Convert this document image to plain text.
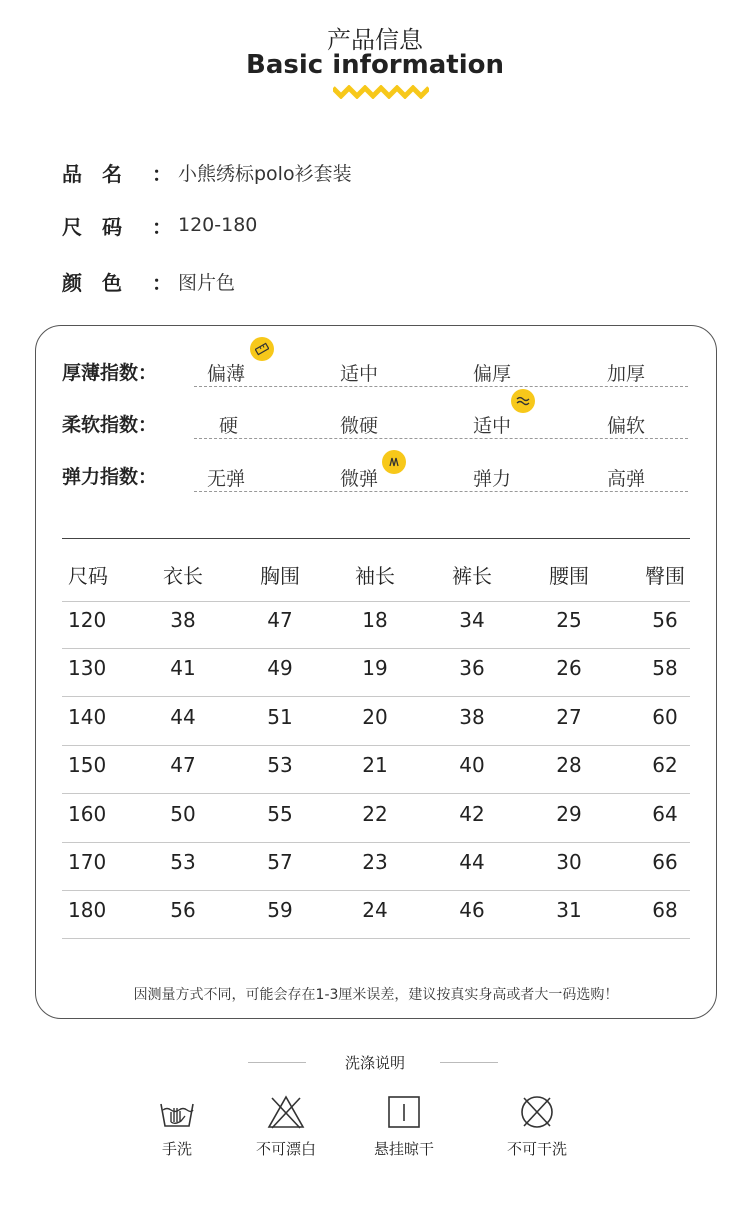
产品信息
Basic information
品　名 ： 小熊绣标polo衫套装
尺　码 ： 120-180
颜　色 ： 图片色
厚薄指数：	偏薄	适中	偏厚	加厚
柔软指数：	硬	微硬	适中	偏软
弹力指数：	无弹	微弹	弹力	高弹
尺码	衣长	胸围	袖长	裤长	腰围	臀围
120	38	47	18	34	25	56
130	41	49	19	36	26	58
140	44	51	20	38	27	60
150	47	53	21	40	28	62
160	50	55	22	42	29	64
170	53	57	23	44	30	66
180	56	59	24	46	31	68
因测量方式不同，可能会存在1-3厘米误差，建议按真实身高或者大一码选购！
洗涤说明
手洗	不可漂白	悬挂晾干	不可干洗
